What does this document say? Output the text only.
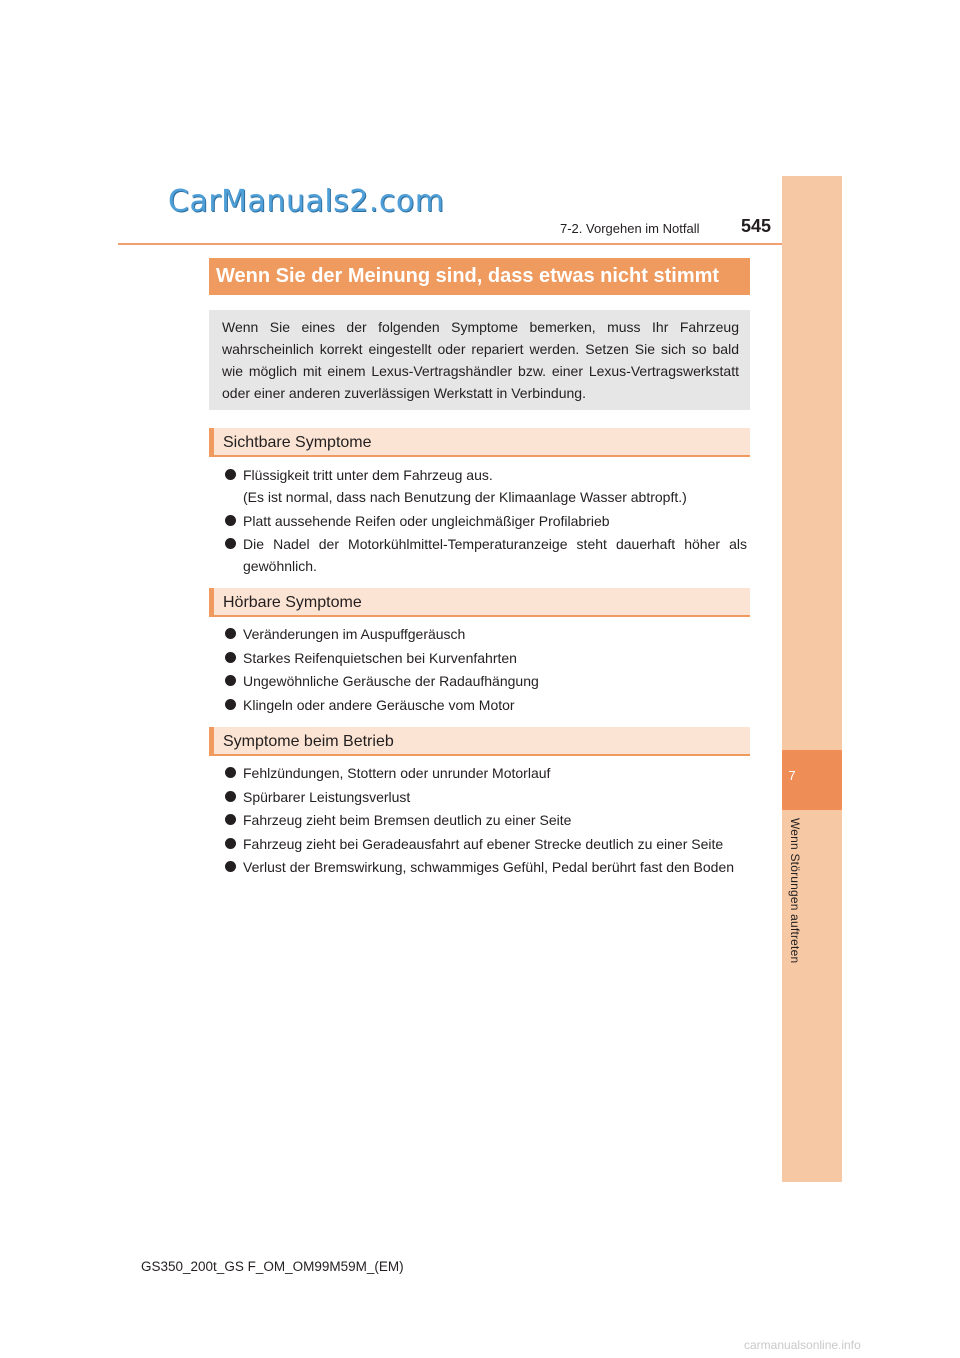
CarManuals2.com
7-2. Vorgehen im Notfall 545
7
Wenn Störungen auftreten
Wenn Sie der Meinung sind, dass etwas nicht stimmt
Wenn Sie eines der folgenden Symptome bemerken, muss Ihr Fahrzeug wahrscheinlich korrekt eingestellt oder repariert werden. Setzen Sie sich so bald wie möglich mit einem Lexus-Vertragshändler bzw. einer Lexus-Vertragswerkstatt oder einer anderen zuverlässigen Werkstatt in Verbindung.
Sichtbare Symptome
Flüssigkeit tritt unter dem Fahrzeug aus.
(Es ist normal, dass nach Benutzung der Klimaanlage Wasser abtropft.)
Platt aussehende Reifen oder ungleichmäßiger Profilabrieb
Die Nadel der Motorkühlmittel-Temperaturanzeige steht dauerhaft höher als gewöhnlich.
Hörbare Symptome
Veränderungen im Auspuffgeräusch
Starkes Reifenquietschen bei Kurvenfahrten
Ungewöhnliche Geräusche der Radaufhängung
Klingeln oder andere Geräusche vom Motor
Symptome beim Betrieb
Fehlzündungen, Stottern oder unrunder Motorlauf
Spürbarer Leistungsverlust
Fahrzeug zieht beim Bremsen deutlich zu einer Seite
Fahrzeug zieht bei Geradeausfahrt auf ebener Strecke deutlich zu einer Seite
Verlust der Bremswirkung, schwammiges Gefühl, Pedal berührt fast den Boden
GS350_200t_GS F_OM_OM99M59M_(EM)
carmanualsonline.info
